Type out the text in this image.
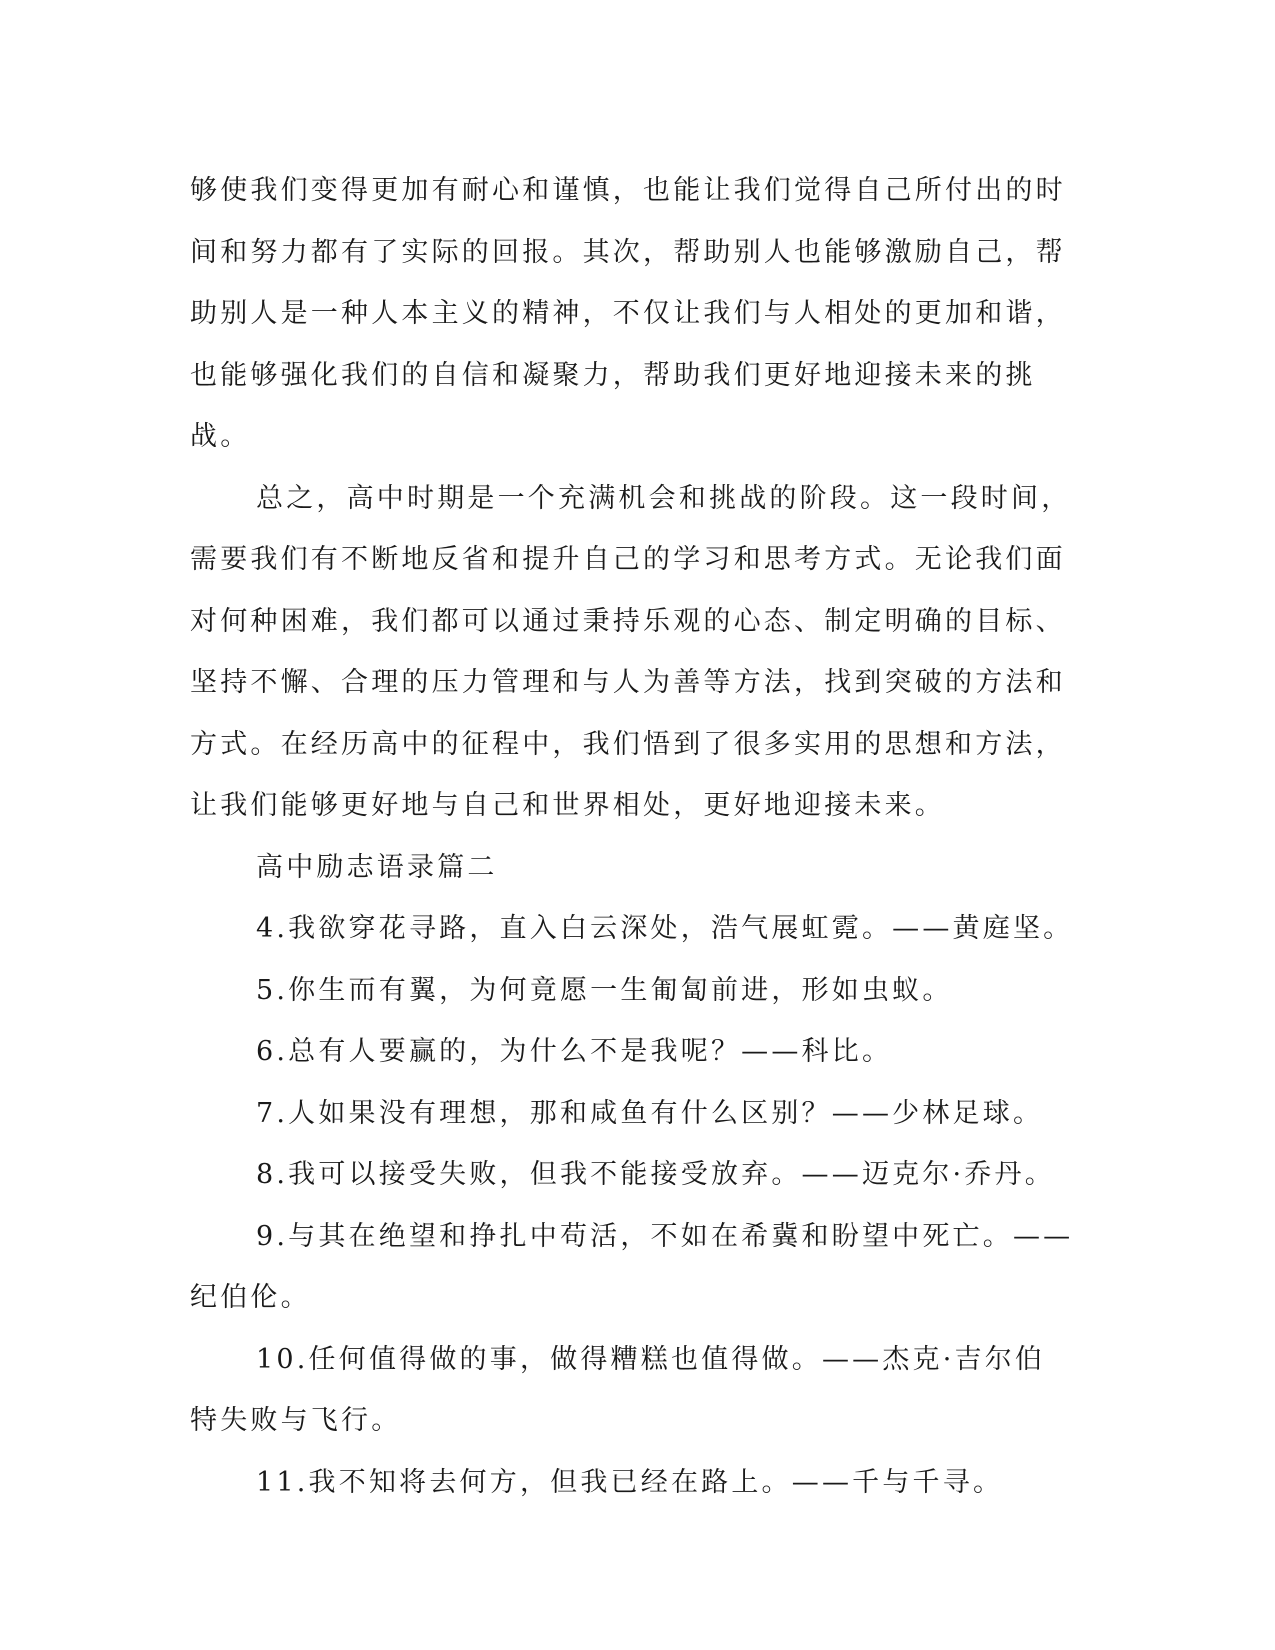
够使我们变得更加有耐心和谨慎，也能让我们觉得自己所付出的时间和努力都有了实际的回报。其次，帮助别人也能够激励自己，帮助别人是一种人本主义的精神，不仅让我们与人相处的更加和谐，也能够强化我们的自信和凝聚力，帮助我们更好地迎接未来的挑战。

总之，高中时期是一个充满机会和挑战的阶段。这一段时间，需要我们有不断地反省和提升自己的学习和思考方式。无论我们面对何种困难，我们都可以通过秉持乐观的心态、制定明确的目标、坚持不懈、合理的压力管理和与人为善等方法，找到突破的方法和方式。在经历高中的征程中，我们悟到了很多实用的思想和方法，让我们能够更好地与自己和世界相处，更好地迎接未来。

高中励志语录篇二

4.我欲穿花寻路，直入白云深处，浩气展虹霓。——黄庭坚。

5.你生而有翼，为何竟愿一生匍匐前进，形如虫蚁。

6.总有人要赢的，为什么不是我呢？——科比。

7.人如果没有理想，那和咸鱼有什么区别？——少林足球。

8.我可以接受失败，但我不能接受放弃。——迈克尔·乔丹。

9.与其在绝望和挣扎中苟活，不如在希冀和盼望中死亡。——纪伯伦。

10.任何值得做的事，做得糟糕也值得做。——杰克·吉尔伯特失败与飞行。

11.我不知将去何方，但我已经在路上。——千与千寻。
